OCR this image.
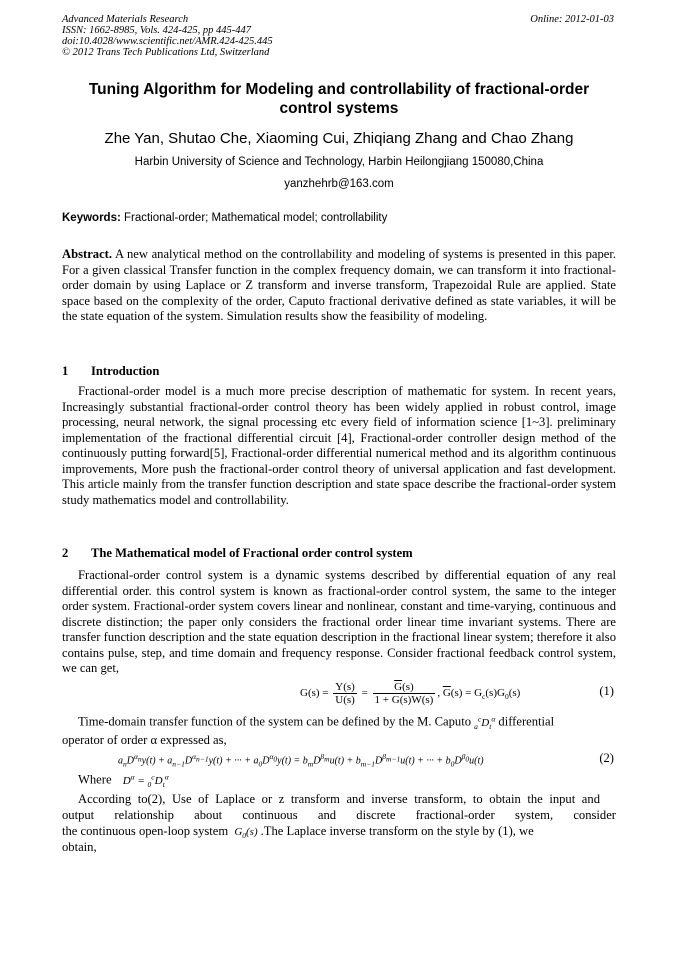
Advanced Materials Research
ISSN: 1662-8985, Vols. 424-425, pp 445-447
doi:10.4028/www.scientific.net/AMR.424-425.445
© 2012 Trans Tech Publications Ltd, Switzerland
Online: 2012-01-03
Tuning Algorithm for Modeling and controllability of fractional-order control systems
Zhe Yan, Shutao Che, Xiaoming Cui, Zhiqiang Zhang and Chao Zhang
Harbin University of Science and Technology, Harbin Heilongjiang 150080,China
yanzhehrb@163.com
Keywords: Fractional-order; Mathematical model; controllability
Abstract. A new analytical method on the controllability and modeling of systems is presented in this paper. For a given classical Transfer function in the complex frequency domain, we can transform it into fractional-order domain by using Laplace or Z transform and inverse transform, Trapezoidal Rule are applied. State space based on the complexity of the order, Caputo fractional derivative defined as state variables, it will be the state equation of the system. Simulation results show the feasibility of modeling.
1 Introduction
Fractional-order model is a much more precise description of mathematic for system. In recent years, Increasingly substantial fractional-order control theory has been widely applied in robust control, image processing, neural network, the signal processing etc every field of information science [1~3]. preliminary implementation of the fractional differential circuit [4], Fractional-order controller design method of the continuously putting forward[5], Fractional-order differential numerical method and its algorithm continuous improvements, More push the fractional-order control theory of universal application and fast development. This article mainly from the transfer function description and state space describe the fractional-order system study mathematics model and controllability.
2 The Mathematical model of Fractional order control system
Fractional-order control system is a dynamic systems described by differential equation of any real differential order. this control system is known as fractional-order control system, the same to the integer order system. Fractional-order system covers linear and nonlinear, constant and time-varying, continuous and discrete distinction; the paper only considers the fractional order linear time invariant systems. There are transfer function description and the state equation description in the fractional linear system; therefore it also contains pulse, step, and time domain and frequency response. Consider fractional feedback control system, we can get,
$G(s) = \frac{Y(s)}{U(s)} = \frac{\overline{G}(s)}{1 + \overline{G}(s)W(s)}$ , $\overline{G}(s) = G_c(s)G_0(s)$	(1)
Time-domain transfer function of the system can be defined by the M. Caputo $_a^cD_t^\alpha$ differential
operator of order α expressed as,
$a_nD^{\alpha_n}y(t) + a_{n-1}D^{\alpha_{n-1}}y(t)$ + ··· + $a_0D^{\alpha_0}y(t) = b_mD^{\beta_m}u(t) + b_{m-1}D^{\beta_{m-1}}u(t)$ + ··· + $b_0D^{\beta_0}u(t)$	(2)
Where $D^\alpha = _0^cD_t^\alpha$
According to(2), Use of Laplace or z transform and inverse transform, to obtain the input and
output relationship about continuous and discrete fractional-order system, consider
the continuous open-loop system $G_0(s)$ .The Laplace inverse transform on the style by (1), we
obtain,
